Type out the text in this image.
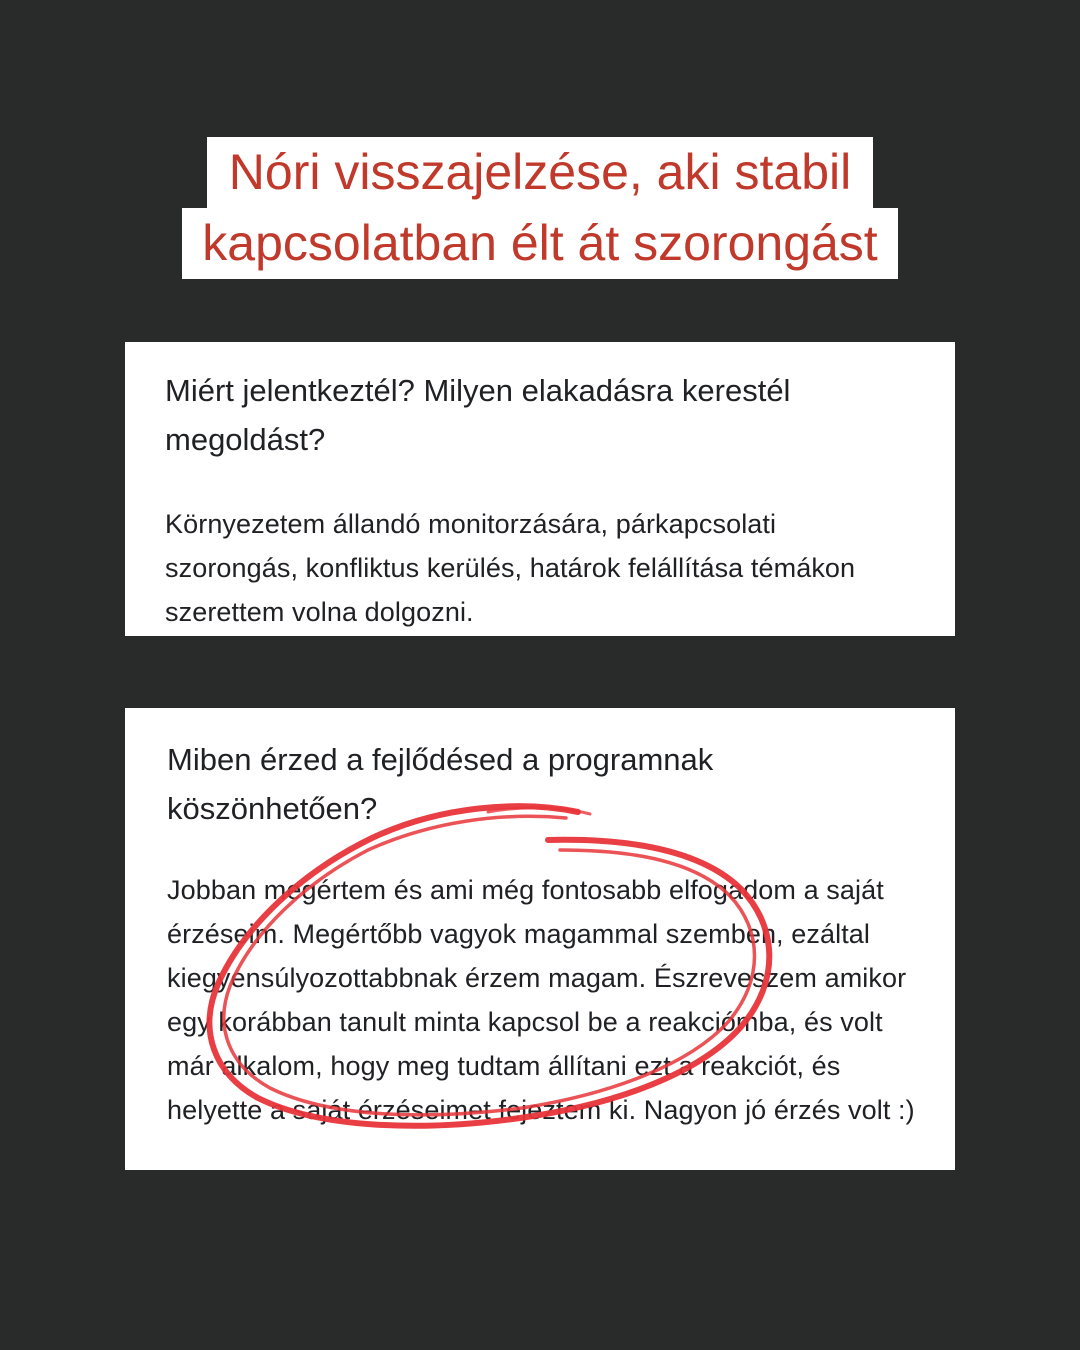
Nóri visszajelzése, aki stabil
kapcsolatban élt át szorongást

Miért jelentkeztél? Milyen elakadásra kerestél megoldást?

Környezetem állandó monitorzására, párkapcsolati szorongás, konfliktus kerülés, határok felállítása témákon szerettem volna dolgozni.

Miben érzed a fejlődésed a programnak köszönhetően?

Jobban megértem és ami még fontosabb elfogadom a saját érzéseim. Megértőbb vagyok magammal szemben, ezáltal kiegyensúlyozottabbnak érzem magam. Észreveszem amikor egy korábban tanult minta kapcsol be a reakciómba, és volt már alkalom, hogy meg tudtam állítani ezt a reakciót, és helyette a saját érzéseimet fejeztem ki. Nagyon jó érzés volt :)
